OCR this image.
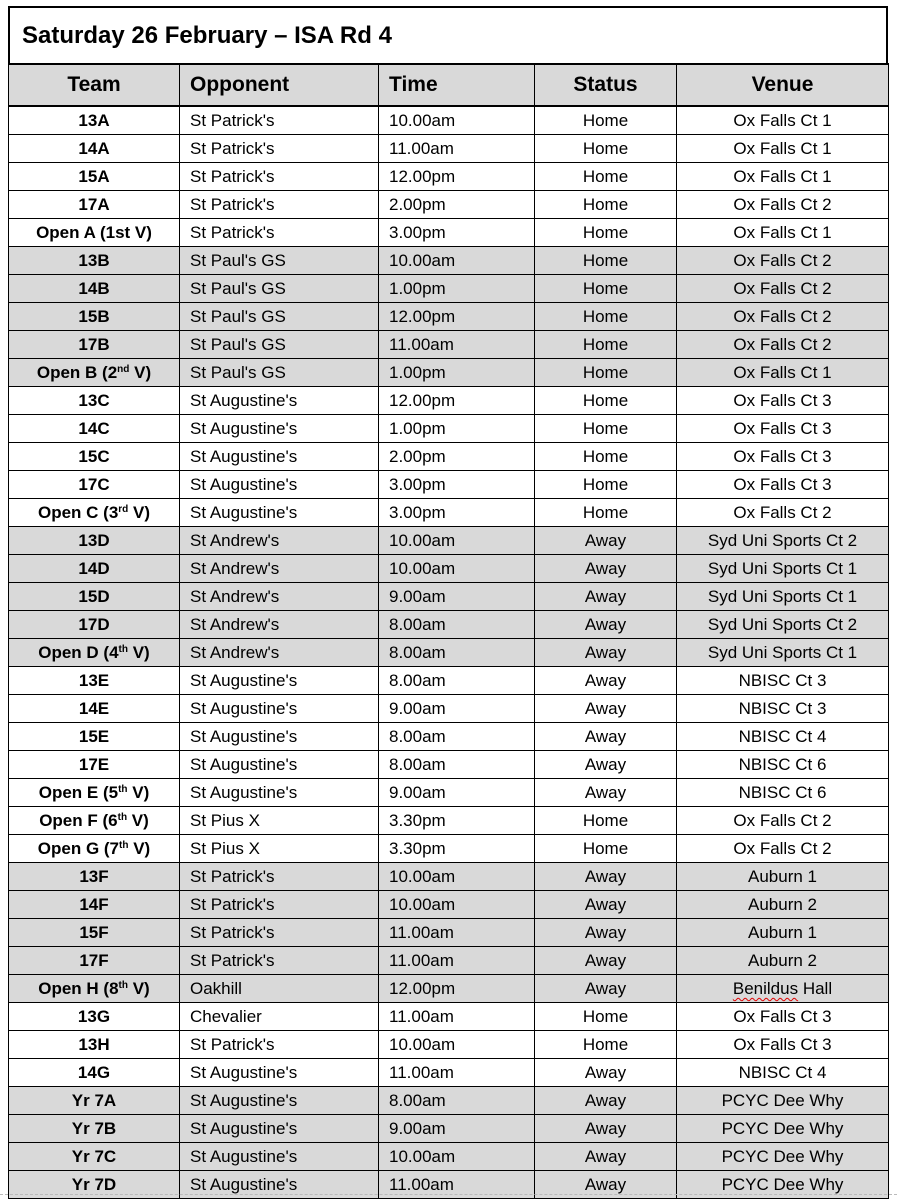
Saturday 26 February – ISA Rd 4
Team	Opponent	Time	Status	Venue
13A	St Patrick's	10.00am	Home	Ox Falls Ct 1
14A	St Patrick's	11.00am	Home	Ox Falls Ct 1
15A	St Patrick's	12.00pm	Home	Ox Falls Ct 1
17A	St Patrick's	2.00pm	Home	Ox Falls Ct 2
Open A (1st V)	St Patrick's	3.00pm	Home	Ox Falls Ct 1
13B	St Paul's GS	10.00am	Home	Ox Falls Ct 2
14B	St Paul's GS	1.00pm	Home	Ox Falls Ct 2
15B	St Paul's GS	12.00pm	Home	Ox Falls Ct 2
17B	St Paul's GS	11.00am	Home	Ox Falls Ct 2
Open B (2nd V)	St Paul's GS	1.00pm	Home	Ox Falls Ct 1
13C	St Augustine's	12.00pm	Home	Ox Falls Ct 3
14C	St Augustine's	1.00pm	Home	Ox Falls Ct 3
15C	St Augustine's	2.00pm	Home	Ox Falls Ct 3
17C	St Augustine's	3.00pm	Home	Ox Falls Ct 3
Open C (3rd V)	St Augustine's	3.00pm	Home	Ox Falls Ct 2
13D	St Andrew's	10.00am	Away	Syd Uni Sports Ct 2
14D	St Andrew's	10.00am	Away	Syd Uni Sports Ct 1
15D	St Andrew's	9.00am	Away	Syd Uni Sports Ct 1
17D	St Andrew's	8.00am	Away	Syd Uni Sports Ct 2
Open D (4th V)	St Andrew's	8.00am	Away	Syd Uni Sports Ct 1
13E	St Augustine's	8.00am	Away	NBISC Ct 3
14E	St Augustine's	9.00am	Away	NBISC Ct 3
15E	St Augustine's	8.00am	Away	NBISC Ct 4
17E	St Augustine's	8.00am	Away	NBISC Ct 6
Open E (5th V)	St Augustine's	9.00am	Away	NBISC Ct 6
Open F (6th V)	St Pius X	3.30pm	Home	Ox Falls Ct 2
Open G (7th V)	St Pius X	3.30pm	Home	Ox Falls Ct 2
13F	St Patrick's	10.00am	Away	Auburn 1
14F	St Patrick's	10.00am	Away	Auburn 2
15F	St Patrick's	11.00am	Away	Auburn 1
17F	St Patrick's	11.00am	Away	Auburn 2
Open H (8th V)	Oakhill	12.00pm	Away	Benildus Hall
13G	Chevalier	11.00am	Home	Ox Falls Ct 3
13H	St Patrick's	10.00am	Home	Ox Falls Ct 3
14G	St Augustine's	11.00am	Away	NBISC Ct 4
Yr 7A	St Augustine's	8.00am	Away	PCYC Dee Why
Yr 7B	St Augustine's	9.00am	Away	PCYC Dee Why
Yr 7C	St Augustine's	10.00am	Away	PCYC Dee Why
Yr 7D	St Augustine's	11.00am	Away	PCYC Dee Why
